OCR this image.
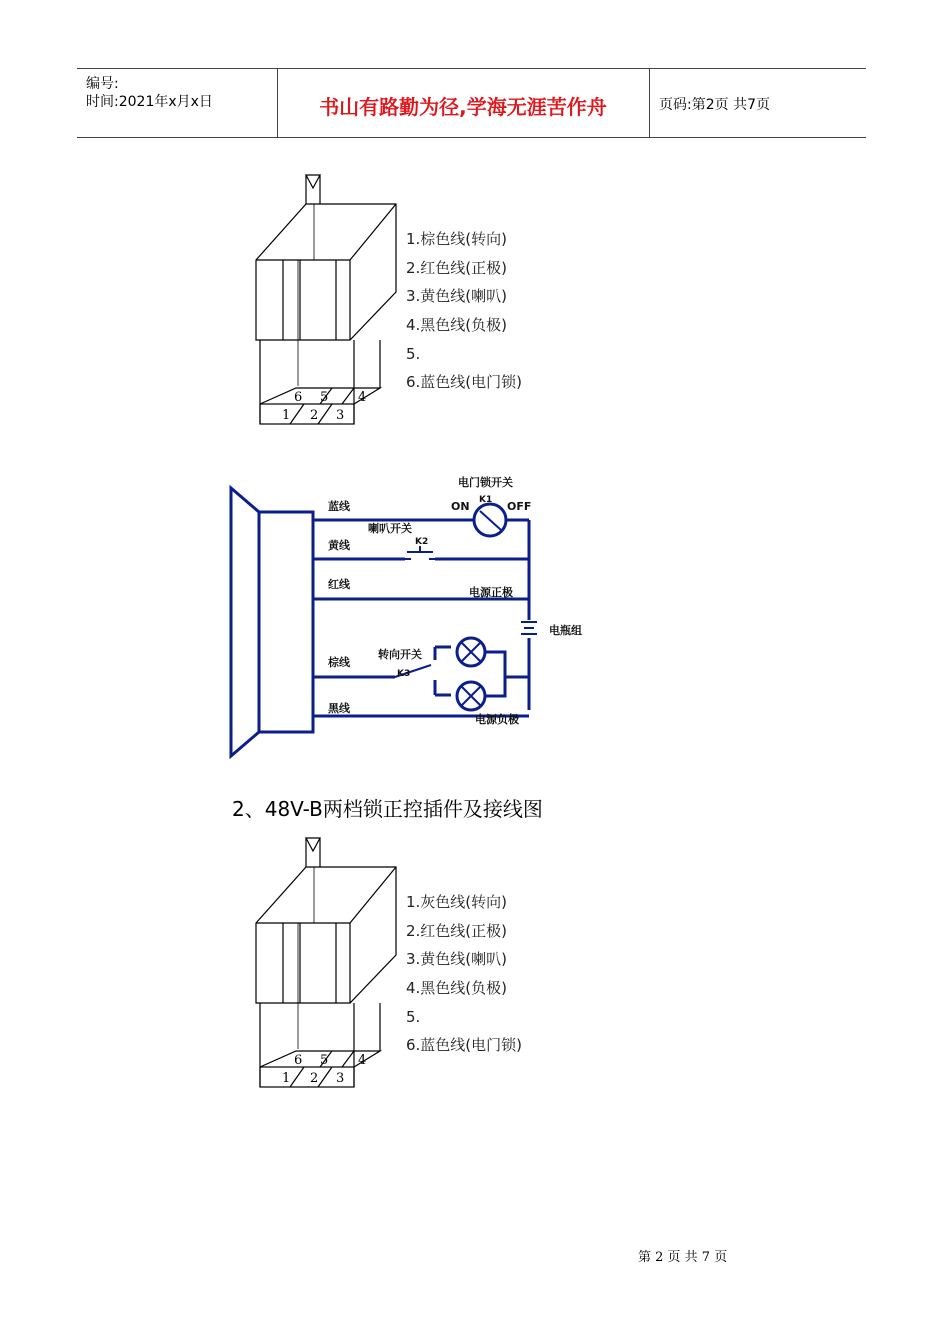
编号:
时间:2021年x月x日	书山有路勤为径,学海无涯苦作舟	页码:第2页 共7页
6 5 4
1 2 3
1.棕色线(转向)
2.红色线(正极)
3.黄色线(喇叭)
4.黑色线(负极)
5.
6.蓝色线(电门锁)
蓝线
黄线
红线
棕线
黑线
电门锁开关
ON	OFF
K1
喇叭开关
K2
电源正极
电瓶组
转向开关
K3
电源负极
2、48V-B两档锁正控插件及接线图
6 5 4
1 2 3
1.灰色线(转向)
2.红色线(正极)
3.黄色线(喇叭)
4.黑色线(负极)
5.
6.蓝色线(电门锁)
第 2 页 共 7 页
